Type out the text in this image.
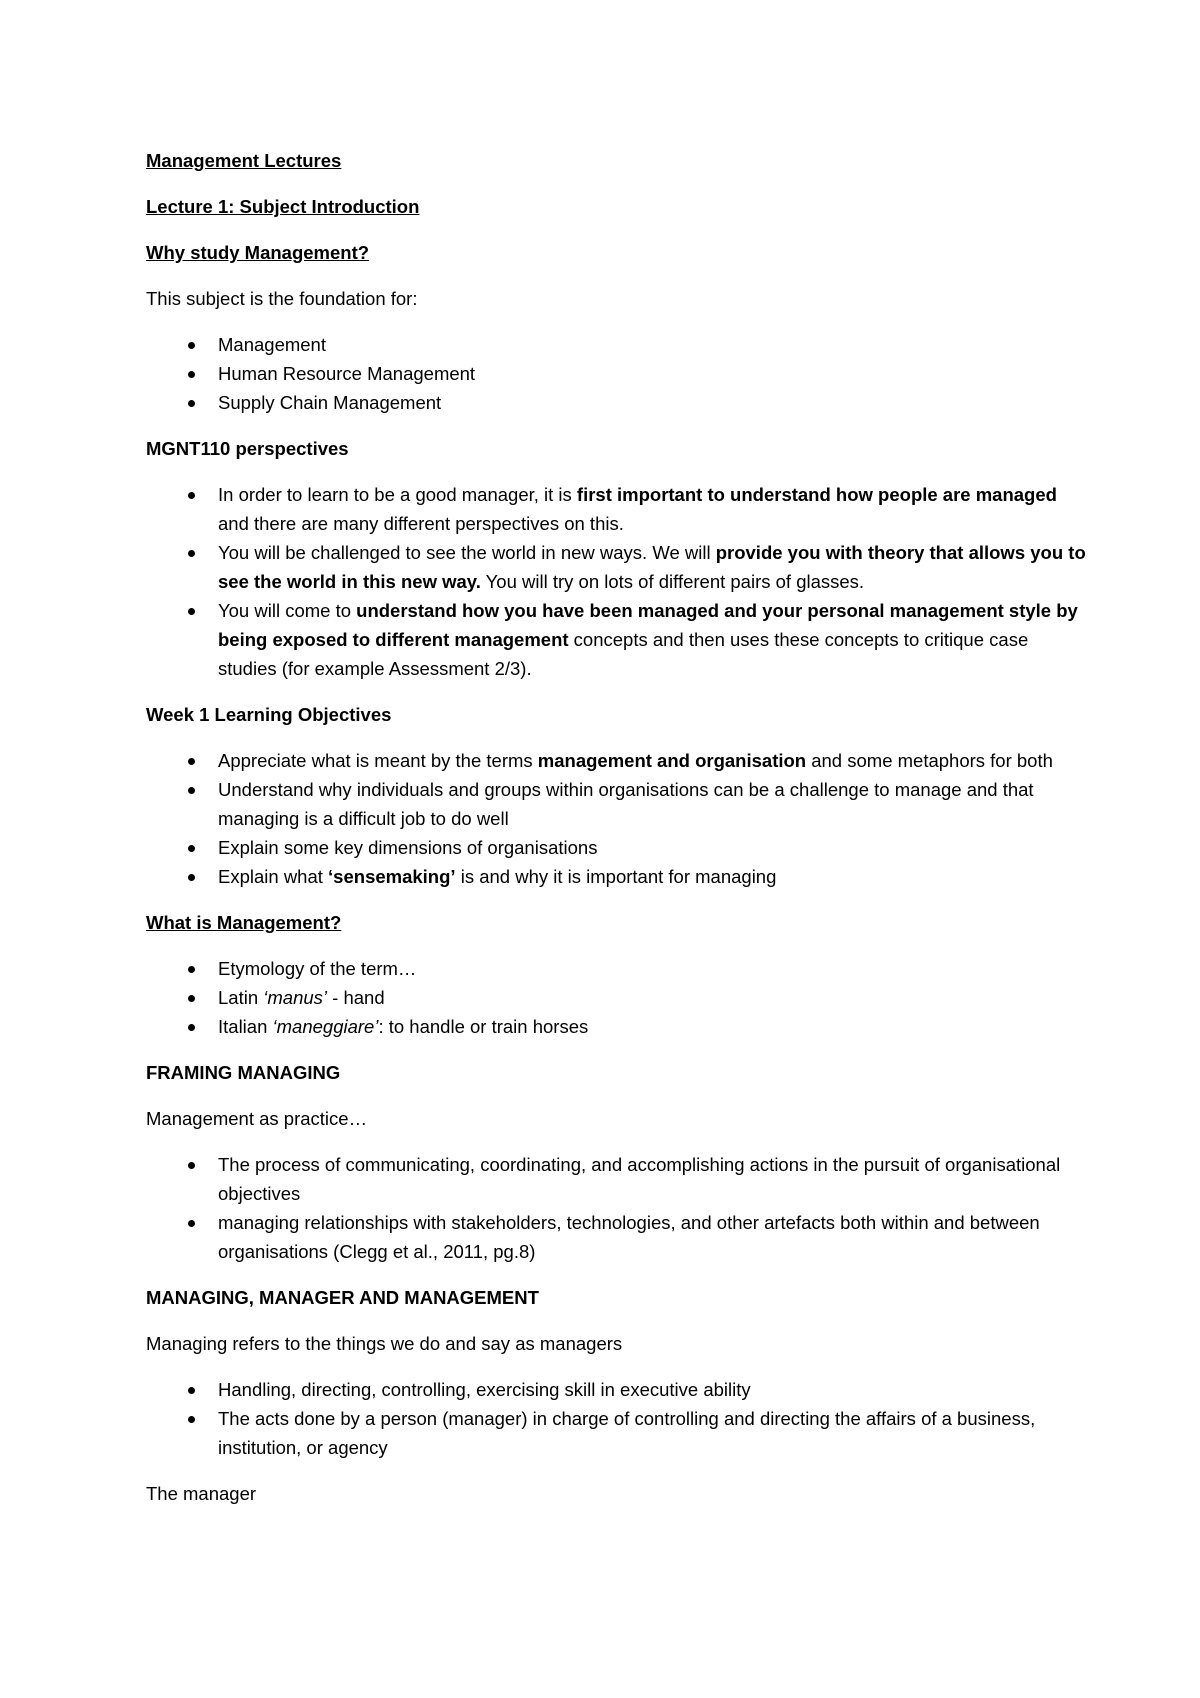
Management Lectures
Lecture 1: Subject Introduction
Why study Management?
This subject is the foundation for:
Management
Human Resource Management
Supply Chain Management
MGNT110 perspectives
In order to learn to be a good manager, it is first important to understand how people are managed and there are many different perspectives on this.
You will be challenged to see the world in new ways. We will provide you with theory that allows you to see the world in this new way. You will try on lots of different pairs of glasses.
You will come to understand how you have been managed and your personal management style by being exposed to different management concepts and then uses these concepts to critique case studies (for example Assessment 2/3).
Week 1 Learning Objectives
Appreciate what is meant by the terms management and organisation and some metaphors for both
Understand why individuals and groups within organisations can be a challenge to manage and that managing is a difficult job to do well
Explain some key dimensions of organisations
Explain what ‘sensemaking’ is and why it is important for managing
What is Management?
Etymology of the term…
Latin ‘manus’ - hand
Italian ‘maneggiare’: to handle or train horses
FRAMING MANAGING
Management as practice…
The process of communicating, coordinating, and accomplishing actions in the pursuit of organisational objectives
managing relationships with stakeholders, technologies, and other artefacts both within and between organisations (Clegg et al., 2011, pg.8)
MANAGING, MANAGER AND MANAGEMENT
Managing refers to the things we do and say as managers
Handling, directing, controlling, exercising skill in executive ability
The acts done by a person (manager) in charge of controlling and directing the affairs of a business, institution, or agency
The manager
